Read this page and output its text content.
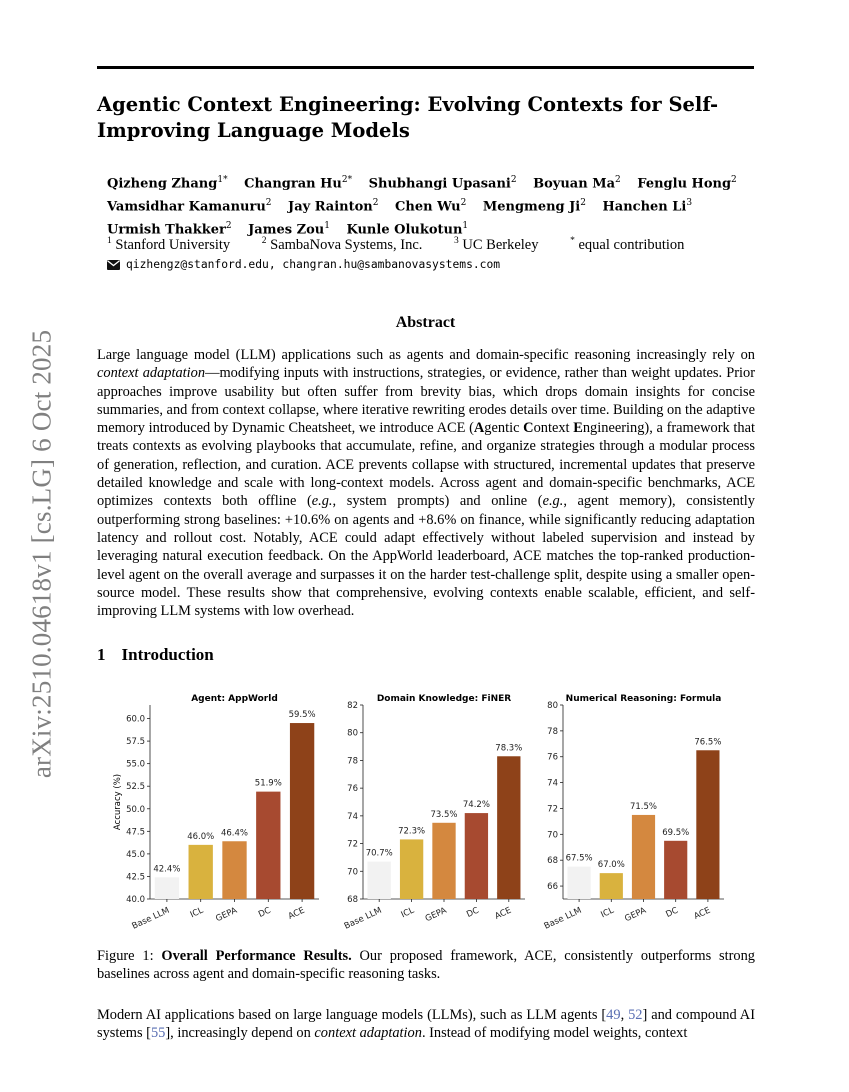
arXiv:2510.04618v1 [cs.LG] 6 Oct 2025
Agentic Context Engineering: Evolving Contexts for Self-Improving Language Models
Qizheng Zhang$^{1*}$ Changran $Hu^{2*}$ Shubhangi Upasani$^2$ Boyuan Ma$^2$ Fenglu Hong$^2$ Vamsidhar Kamanuru$^2$ Jay Rainton$^2$ Chen Wu$^2$ Mengmeng Ji$^2$ Hanchen Li$^3$ Urmish Thakker$^2$ James Zou$^1$ Kunle Olukotun$^1$
$^1$ Stanford University	$^2$ SambaNova Systems, Inc.	$^3$ UC Berkeley	* equal contribution
qizhengz@stanford.edu, changran.hu@sambanovasystems.com
Abstract

Large language model (LLM) applications such as agents and domain-specific reasoning increasingly rely on context adaptation—modifying inputs with instructions, strategies, or evidence, rather than weight updates. Prior approaches improve usability but often suffer from brevity bias, which drops domain insights for concise summaries, and from context collapse, where iterative rewriting erodes details over time. Building on the adaptive memory introduced by Dynamic Cheatsheet, we introduce ACE (Agentic Context Engineering), a framework that treats contexts as evolving playbooks that accumulate, refine, and organize strategies through a modular process of generation, reflection, and curation. ACE prevents collapse with structured, incremental updates that preserve detailed knowledge and scale with long-context models. Across agent and domain-specific benchmarks, ACE optimizes contexts both offline (e.g., system prompts) and online (e.g., agent memory), consistently outperforming strong baselines: +10.6% on agents and +8.6% on finance, while significantly reducing adaptation latency and rollout cost. Notably, ACE could adapt effectively without labeled supervision and instead by leveraging natural execution feedback. On the AppWorld leaderboard, ACE matches the top-ranked production-level agent on the overall average and surpasses it on the harder test-challenge split, despite using a smaller open-source model. These results show that comprehensive, evolving contexts enable scalable, efficient, and self-improving LLM systems with low overhead.

1 Introduction
Agent: AppWorld
40.0
42.5
45.0
47.5
50.0
52.5
55.0
57.5
60.0
Accuracy (%)
42.4%
Base LLM
46.0%
ICL
46.4%
GEPA
51.9%
DC
59.5%
ACE
Domain Knowledge: FiNER
68
70
72
74
76
78
80
82
70.7%
Base LLM
72.3%
ICL
73.5%
GEPA
74.2%
DC
78.3%
ACE
Numerical Reasoning: Formula
66
68
70
72
74
76
78
80
67.5%
Base LLM
67.0%
ICL
71.5%
GEPA
69.5%
DC
76.5%
ACE

Figure 1: Overall Performance Results. Our proposed framework, ACE, consistently outperforms strong baselines across agent and domain-specific reasoning tasks.

Modern AI applications based on large language models (LLMs), such as LLM agents [49, 52] and compound AI systems [55], increasingly depend on context adaptation. Instead of modifying model weights, context
